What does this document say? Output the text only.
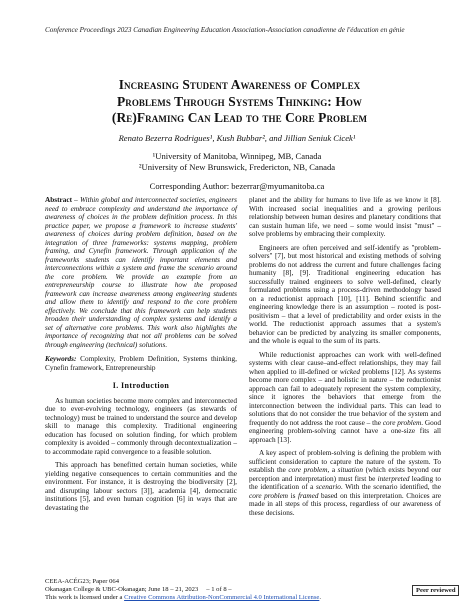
Conference Proceedings 2023 Canadian Engineering Education Association-Association canadienne de l'éducation en génie
Increasing Student Awareness of Complex
Problems Through Systems Thinking: How
(Re)Framing Can Lead to the Core Problem
Renato Bezerra Rodrigues¹, Kush Bubbar², and Jillian Seniuk Cicek¹
¹University of Manitoba, Winnipeg, MB, Canada
²University of New Brunswick, Fredericton, NB, Canada
Corresponding Author: bezerrar@myumanitoba.ca

Abstract – Within global and interconnected societies, engineers need to embrace complexity and understand the importance of awareness of choices in the problem definition process. In this practice paper, we propose a framework to increase students' awareness of choices during problem definition, based on the integration of three frameworks: systems mapping, problem framing, and Cynefin framework. Through application of the frameworks students can identify important elements and interconnections within a system and frame the scenario around the core problem. We provide an example from an entrepreneurship course to illustrate how the proposed framework can increase awareness among engineering students and allow them to identify and respond to the core problem effectively. We conclude that this framework can help students broaden their understanding of complex systems and identify a set of alternative core problems. This work also highlights the importance of recognizing that not all problems can be solved through engineering (technical) solutions.

Keywords: Complexity, Problem Definition, Systems thinking, Cynefin framework, Entrepreneurship

I. Introduction

As human societies become more complex and interconnected due to ever-evolving technology, engineers (as stewards of technology) must be trained to understand the source and develop skill to manage this complexity. Traditional engineering education has focused on solution finding, for which problem complexity is avoided – commonly through decontextualization – to accommodate rapid convergence to a feasible solution.

This approach has benefitted certain human societies, while yielding negative consequences to certain communities and the environment. For instance, it is destroying the biodiversity [2], and disrupting labour sectors [3]], academia [4], democratic institutions [5], and even human cognition [6] in ways that are devastating the

planet and the ability for humans to live life as we know it [8]. With increased social inequalities and a growing perilous relationship between human desires and planetary conditions that can sustain human life, we need – some would insist "must" – solve problems by embracing their complexity.

Engineers are often perceived and self-identify as "problem-solvers" [7], but most historical and existing methods of solving problems do not address the current and future challenges facing humanity [8], [9]. Traditional engineering education has successfully trained engineers to solve well-defined, clearly formulated problems using a process-driven methodology based on a reductionist approach [10], [11]. Behind scientific and engineering knowledge there is an assumption – rooted is post-positivism – that a level of predictability and order exists in the world. The reductionist approach assumes that a system's behavior can be predicted by analyzing its smaller components, and the whole is equal to the sum of its parts.

While reductionist approaches can work with well-defined systems with clear cause–and-effect relationships, they may fail when applied to ill-defined or wicked problems [12]. As systems become more complex – and holistic in nature – the reductionist approach can fail to adequately represent the system complexity, since it ignores the behaviors that emerge from the interconnection between the individual parts. This can lead to solutions that do not consider the true behavior of the system and frequently do not address the root cause – the core problem. Good engineering problem-solving cannot have a one-size fits all approach [13].

A key aspect of problem-solving is defining the problem with sufficient consideration to capture the nature of the system. To establish the core problem, a situation (which exists beyond our perception and interpretation) must first be interpreted leading to the identification of a scenario. With the scenario identified, the core problem is framed based on this interpretation. Choices are made in all steps of this process, regardless of our awareness of these decisions.

CEEA-ACÉG23; Paper 064
Okanagan College & UBC-Okanagan; June 18 – 21, 2023 – 1 of 8 –
This work is licensed under a Creative Commons Attribution-NonCommercial 4.0 International License.
Peer reviewed
